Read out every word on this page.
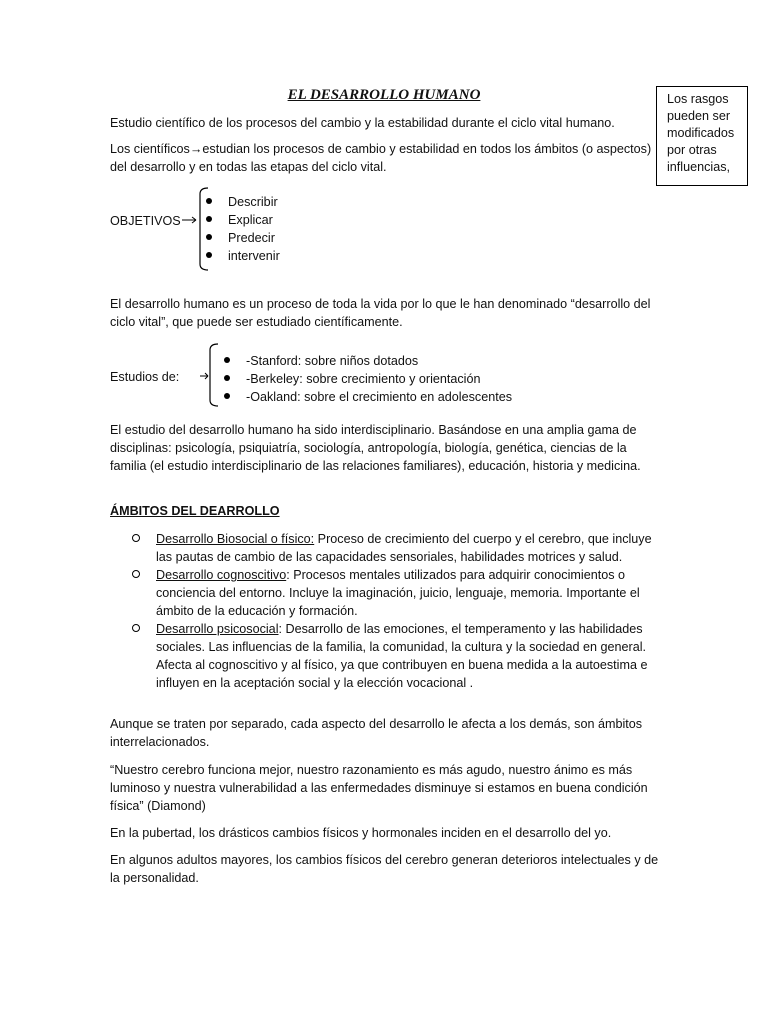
EL DESARROLLO HUMANO	Los rasgos pueden ser modificados por otras influencias,

Estudio científico de los procesos del cambio y la estabilidad durante el ciclo vital humano.

Los científicos→estudian los procesos de cambio y estabilidad en todos los ámbitos (o aspectos) del desarrollo y en todas las etapas del ciclo vital.

OBJETIVOS
Describir
Explicar
Predecir
intervenir

El desarrollo humano es un proceso de toda la vida por lo que le han denominado “desarrollo del ciclo vital”, que puede ser estudiado científicamente.

Estudios de:
-Stanford: sobre niños dotados
-Berkeley: sobre crecimiento y orientación
-Oakland: sobre el crecimiento en adolescentes

El estudio del desarrollo humano ha sido interdisciplinario. Basándose en una amplia gama de disciplinas: psicología, psiquiatría, sociología, antropología, biología, genética, ciencias de la familia (el estudio interdisciplinario de las relaciones familiares), educación, historia y medicina.

ÁMBITOS DEL DEARROLLO
Desarrollo Biosocial o físico: Proceso de crecimiento del cuerpo y el cerebro, que incluye las pautas de cambio de las capacidades sensoriales, habilidades motrices y salud.
Desarrollo cognoscitivo: Procesos mentales utilizados para adquirir conocimientos o conciencia del entorno. Incluye la imaginación, juicio, lenguaje, memoria. Importante el ámbito de la educación y formación.
Desarrollo psicosocial: Desarrollo de las emociones, el temperamento y las habilidades sociales. Las influencias de la familia, la comunidad, la cultura y la sociedad en general. Afecta al cognoscitivo y al físico, ya que contribuyen en buena medida a la autoestima e influyen en la aceptación social y la elección vocacional .

Aunque se traten por separado, cada aspecto del desarrollo le afecta a los demás, son ámbitos interrelacionados.

“Nuestro cerebro funciona mejor, nuestro razonamiento es más agudo, nuestro ánimo es más luminoso y nuestra vulnerabilidad a las enfermedades disminuye si estamos en buena condición física” (Diamond)

En la pubertad, los drásticos cambios físicos y hormonales inciden en el desarrollo del yo.

En algunos adultos mayores, los cambios físicos del cerebro generan deterioros intelectuales y de la personalidad.
